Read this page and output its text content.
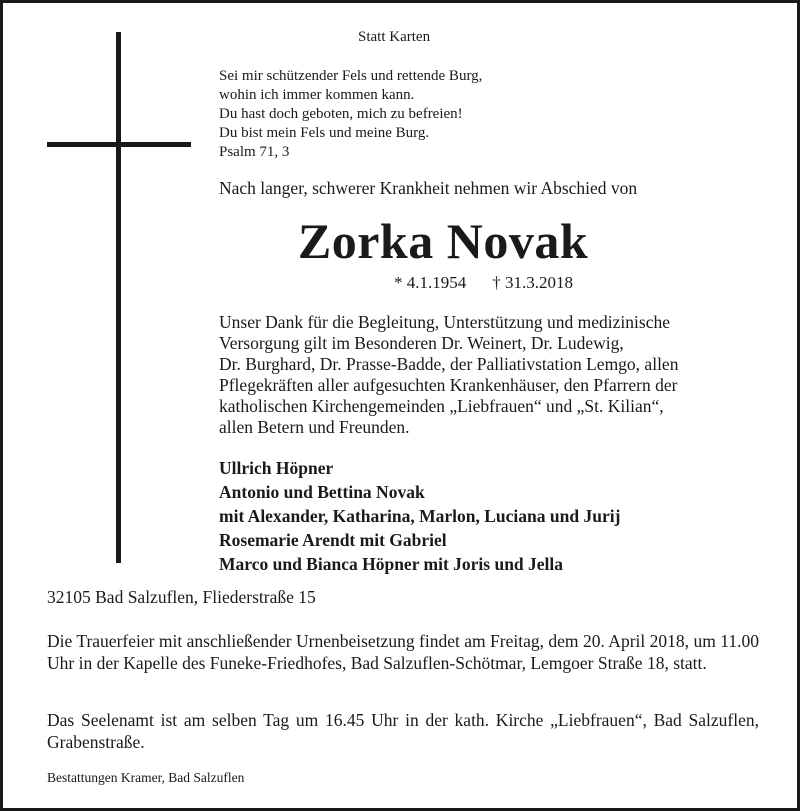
Statt Karten
Sei mir schützender Fels und rettende Burg,
wohin ich immer kommen kann.
Du hast doch geboten, mich zu befreien!
Du bist mein Fels und meine Burg.
Psalm 71, 3
Nach langer, schwerer Krankheit nehmen wir Abschied von
Zorka Novak
* 4.1.1954 † 31.3.2018
Unser Dank für die Begleitung, Unterstützung und medizinische
Versorgung gilt im Besonderen Dr. Weinert, Dr. Ludewig,
Dr. Burghard, Dr. Prasse-Badde, der Palliativstation Lemgo, allen
Pflegekräften aller aufgesuchten Krankenhäuser, den Pfarrern der
katholischen Kirchengemeinden „Liebfrauen“ und „St. Kilian“,
allen Betern und Freunden.
Ullrich Höpner
Antonio und Bettina Novak
mit Alexander, Katharina, Marlon, Luciana und Jurij
Rosemarie Arendt mit Gabriel
Marco und Bianca Höpner mit Joris und Jella
32105 Bad Salzuflen, Fliederstraße 15
Die Trauerfeier mit anschließender Urnenbeisetzung findet am Freitag, dem 20. April 2018, um 11.00 Uhr in der Kapelle des Funeke-Friedhofes, Bad Salzuflen-Schötmar, Lemgoer Straße 18, statt.
Das Seelenamt ist am selben Tag um 16.45 Uhr in der kath. Kirche „Liebfrauen“, Bad Salzuflen, Grabenstraße.
Bestattungen Kramer, Bad Salzuflen
